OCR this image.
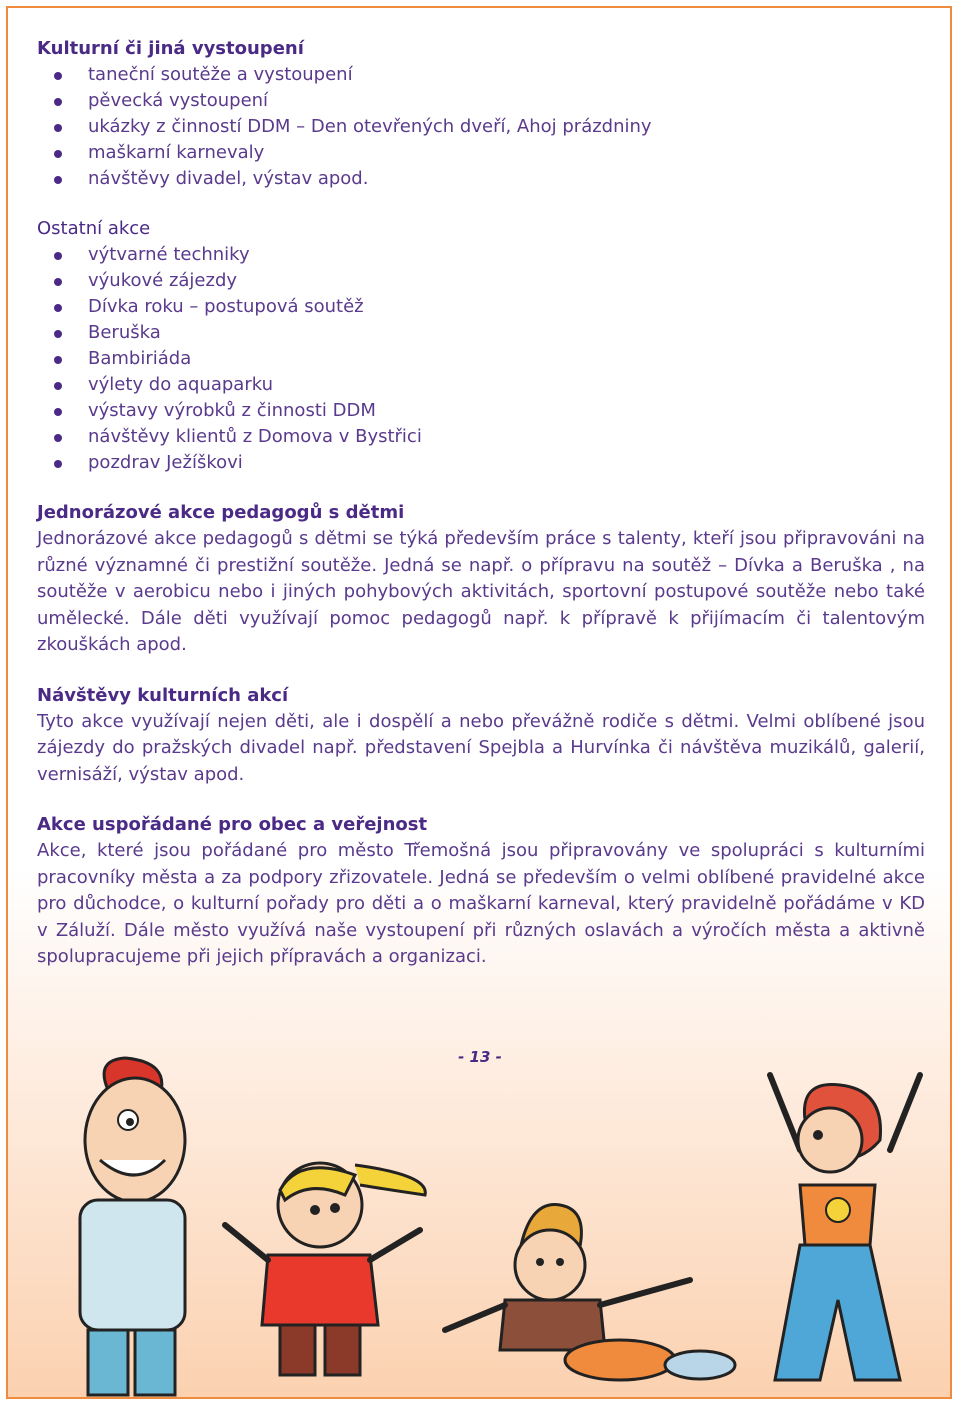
Kulturní či jiná vystoupení
taneční soutěže a vystoupení
pěvecká vystoupení
ukázky z činností DDM – Den otevřených dveří, Ahoj prázdniny
maškarní karnevaly
návštěvy divadel, výstav apod.
Ostatní akce
výtvarné techniky
výukové zájezdy
Dívka roku – postupová soutěž
Beruška
Bambiriáda
výlety do aquaparku
výstavy výrobků z činnosti DDM
návštěvy klientů z Domova v Bystřici
pozdrav Ježíškovi
Jednorázové akce pedagogů s dětmi

Jednorázové akce pedagogů s dětmi se týká především práce s talenty, kteří jsou připravováni na různé významné či prestižní soutěže. Jedná se např. o přípravu na soutěž – Dívka a Beruška , na soutěže v aerobicu nebo i jiných pohybových aktivitách, sportovní postupové soutěže nebo také umělecké. Dále děti využívají pomoc pedagogů např. k přípravě k přijímacím či talentovým zkouškách apod.

Návštěvy kulturních akcí

Tyto akce využívají nejen děti, ale i dospělí a nebo převážně rodiče s dětmi. Velmi oblíbené jsou zájezdy do pražských divadel např. představení Spejbla a Hurvínka či návštěva muzikálů, galerií, vernisáží, výstav apod.

Akce uspořádané pro obec a veřejnost

Akce, které jsou pořádané pro město Třemošná jsou připravovány ve spolupráci s kulturními pracovníky města a za podpory zřizovatele. Jedná se především o velmi oblíbené pravidelné akce pro důchodce, o kulturní pořady pro děti a o maškarní karneval, který pravidelně pořádáme v KD v Záluží. Dále město využívá naše vystoupení při různých oslavách a výročích města a aktivně spolupracujeme při jejich přípravách a organizaci.

- 13 -
